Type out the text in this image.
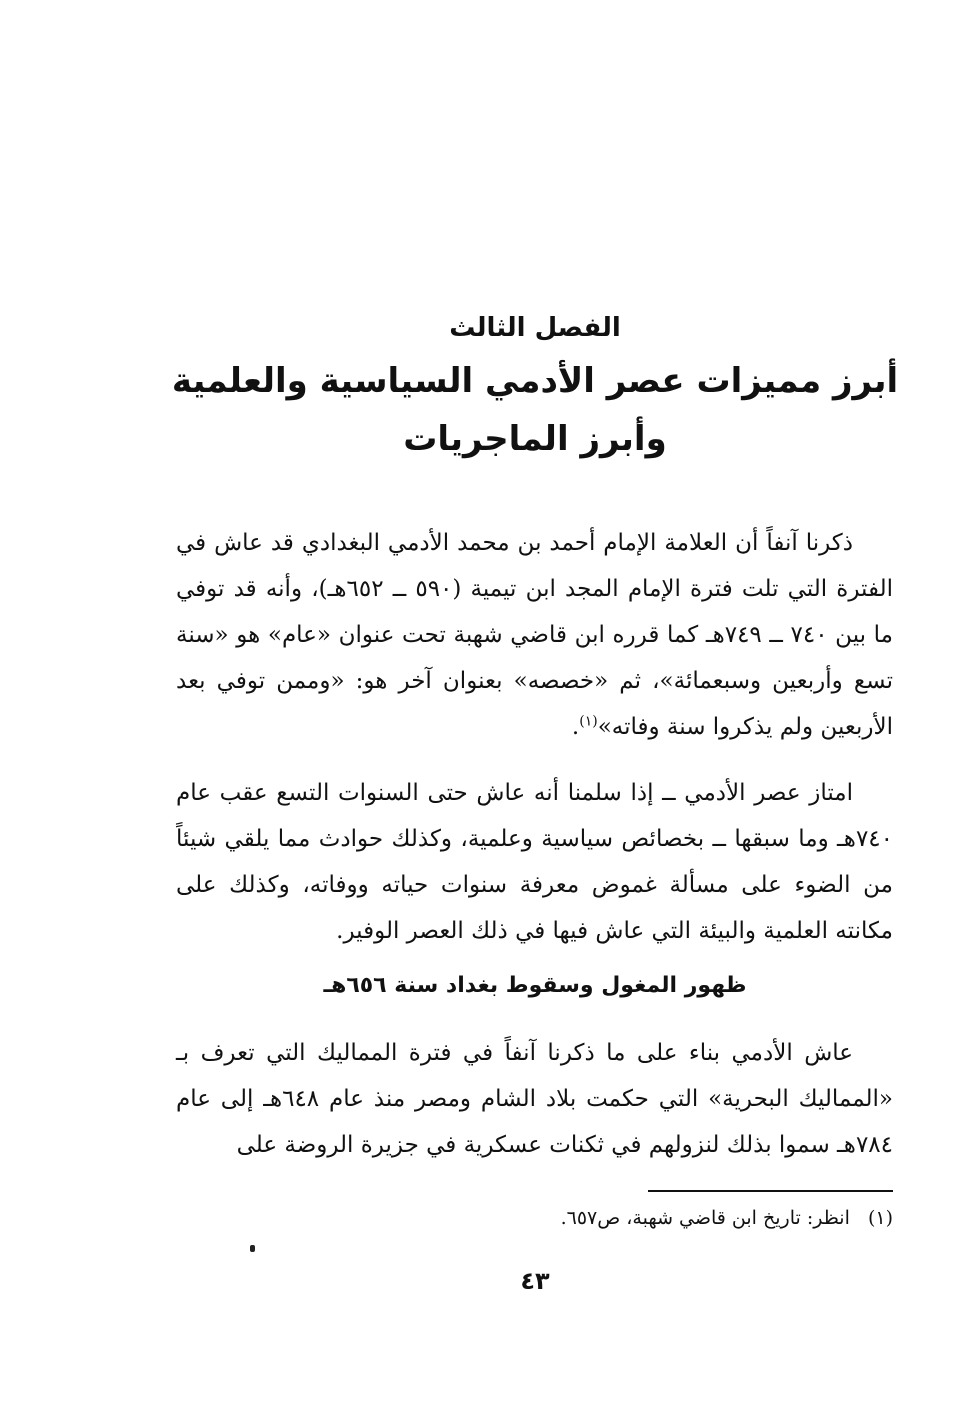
الفصل الثالث
أبرز مميزات عصر الأدمي السياسية والعلمية
وأبرز الماجريات

ذكرنا آنفاً أن العلامة الإمام أحمد بن محمد الأدمي البغدادي قد عاش في الفترة التي تلت فترة الإمام المجد ابن تيمية (٥٩٠ ــ ٦٥٢هـ)، وأنه قد توفي ما بين ٧٤٠ ــ ٧٤٩هـ كما قرره ابن قاضي شهبة تحت عنوان «عام» هو «سنة تسع وأربعين وسبعمائة»، ثم «خصصه» بعنوان آخر هو: «وممن توفي بعد الأربعين ولم يذكروا سنة وفاته»$^{(١)}$.

امتاز عصر الأدمي ــ إذا سلمنا أنه عاش حتى السنوات التسع عقب عام ٧٤٠هـ وما سبقها ــ بخصائص سياسية وعلمية، وكذلك حوادث مما يلقي شيئاً من الضوء على مسألة غموض معرفة سنوات حياته ووفاته، وكذلك على مكانته العلمية والبيئة التي عاش فيها في ذلك العصر الوفير.

ظهور المغول وسقوط بغداد سنة ٦٥٦هـ

عاش الأدمي بناء على ما ذكرنا آنفاً في فترة المماليك التي تعرف بـ «المماليك البحرية» التي حكمت بلاد الشام ومصر منذ عام ٦٤٨هـ إلى عام ٧٨٤هـ سموا بذلك لنزولهم في ثكنات عسكرية في جزيرة الروضة على

(١) انظر: تاريخ ابن قاضي شهبة، ص٦٥٧.
٤٣
